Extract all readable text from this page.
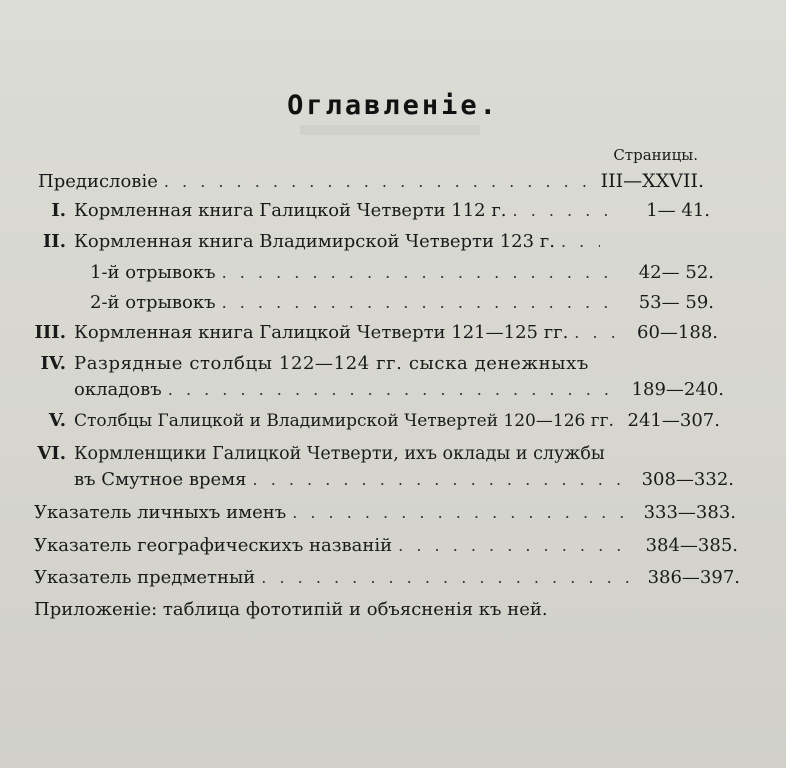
Оглавленіе.
Страницы.
Предисловіе . . .	III—XXVII.
I. Кормленная книга Галицкой Четверти 112 г. . . .	1— 41.
II. Кормленная книга Владимирской Четверти 123 г.
. . .
1-й отрывокъ . . .	42— 52.
2-й отрывокъ . . .	53— 59.
III. Кормленная книга Галицкой Четверти 121—125 гг. . . .	60—188.
IV. Разрядные столбцы 122—124 гг. сыска денежныхъ
окладовъ . . .	189—240.
V. Столбцы Галицкой и Владимирской Четвертей 120—126 гг. 241—307.
VI. Кормленщики Галицкой Четверти, ихъ оклады и службы
въ Смутное время . . .	308—332.
Указатель личныхъ именъ . . .	333—383.
Указатель географическихъ названій . . .	384—385.
Указатель предметный . . .	386—397.
Приложеніе: таблица фототипій и объясненія къ ней.
